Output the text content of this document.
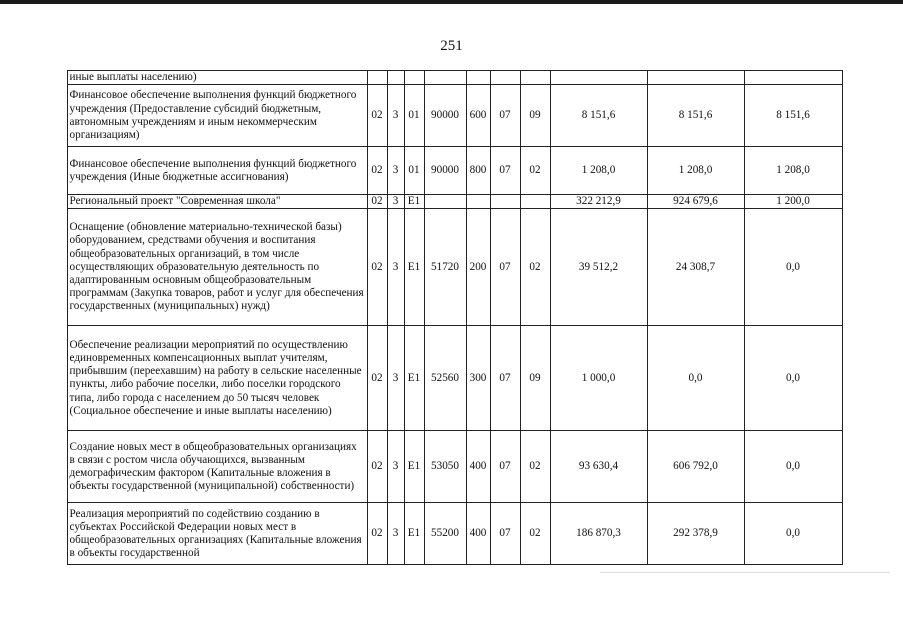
251
	иные выплаты населению)										
	Финансовое обеспечение выполнения функций бюджетного учреждения (Предоставление субсидий бюджетным, автономным учреждениям и иным некоммерческим организациям)	02	3	01	90000	600	07	09	8 151,6	8 151,6	8 151,6
	Финансовое обеспечение выполнения функций бюджетного учреждения (Иные бюджетные ассигнования)	02	3	01	90000	800	07	02	1 208,0	1 208,0	1 208,0
	Региональный проект "Современная школа"	02	3	E1					322 212,9	924 679,6	1 200,0
	Оснащение (обновление материально-технической базы) оборудованием, средствами обучения и воспитания общеобразовательных организаций, в том числе осуществляющих образовательную деятельность по адаптированным основным общеобразовательным программам (Закупка товаров, работ и услуг для обеспечения государственных (муниципальных) нужд)	02	3	E1	51720	200	07	02	39 512,2	24 308,7	0,0
	Обеспечение реализации мероприятий по осуществлению единовременных компенсационных выплат учителям, прибывшим (переехавшим) на работу в сельские населенные пункты, либо рабочие поселки, либо поселки городского типа, либо города с населением до 50 тысяч человек (Социальное обеспечение и иные выплаты населению)	02	3	E1	52560	300	07	09	1 000,0	0,0	0,0
	Создание новых мест в общеобразовательных организациях в связи с ростом числа обучающихся, вызванным демографическим фактором (Капитальные вложения в объекты государственной (муниципальной) собственности)	02	3	E1	53050	400	07	02	93 630,4	606 792,0	0,0
	Реализация мероприятий по содействию созданию в субъектах Российской Федерации новых мест в общеобразовательных организациях (Капитальные вложения в объекты государственной	02	3	E1	55200	400	07	02	186 870,3	292 378,9	0,0
